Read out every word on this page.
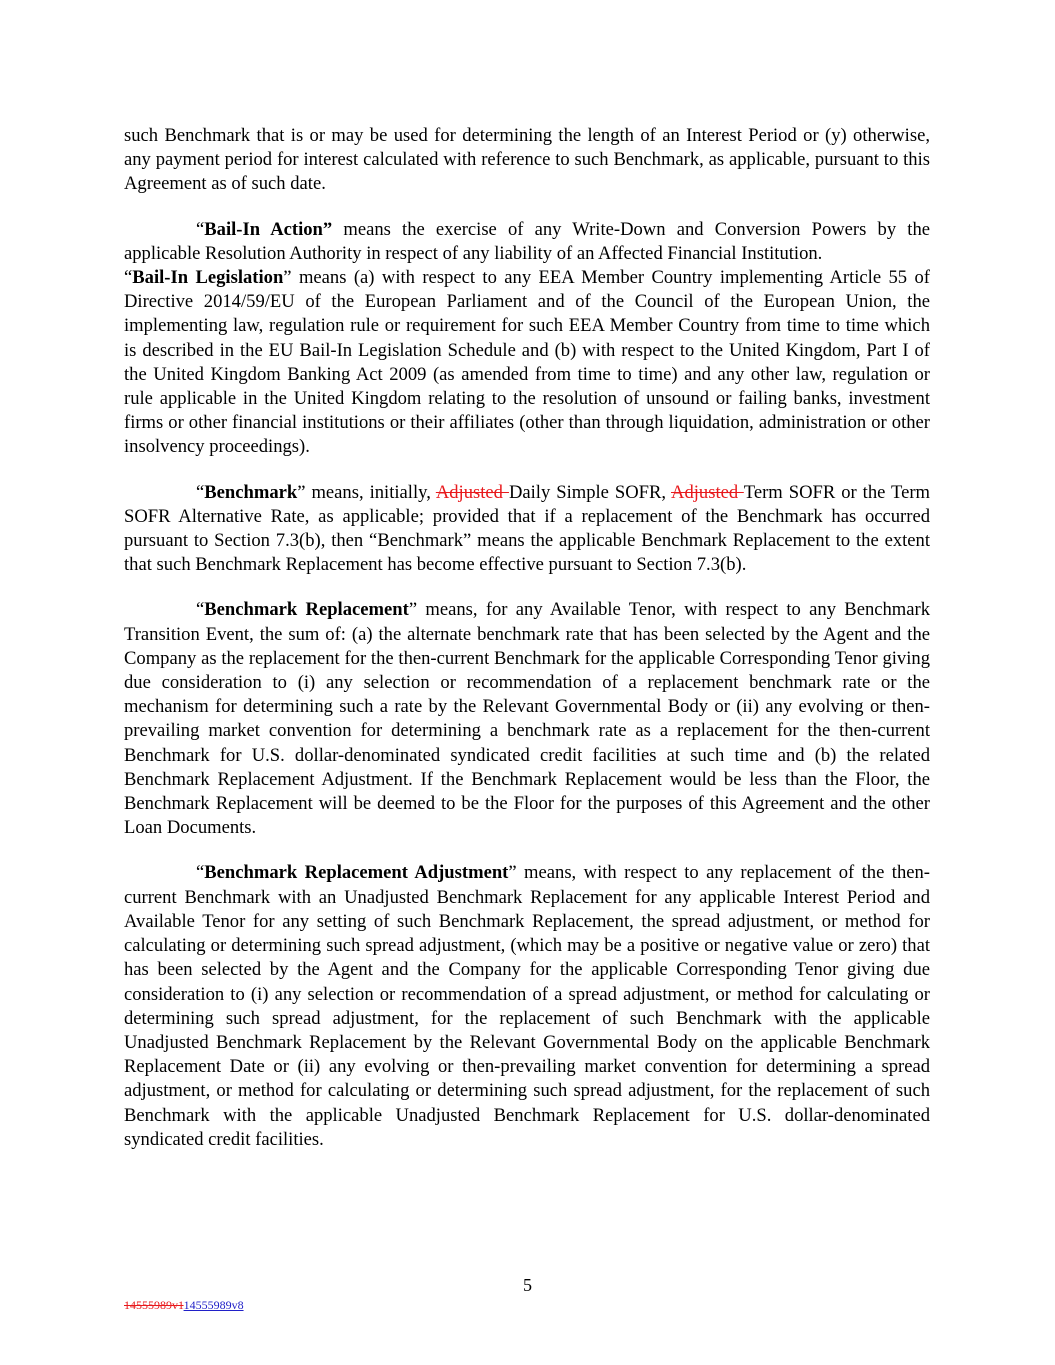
such Benchmark that is or may be used for determining the length of an Interest Period or (y) otherwise, any payment period for interest calculated with reference to such Benchmark, as applicable, pursuant to this Agreement as of such date.

“Bail-In Action” means the exercise of any Write-Down and Conversion Powers by the applicable Resolution Authority in respect of any liability of an Affected Financial Institution.
“Bail-In Legislation” means (a) with respect to any EEA Member Country implementing Article 55 of Directive 2014/59/EU of the European Parliament and of the Council of the European Union, the implementing law, regulation rule or requirement for such EEA Member Country from time to time which is described in the EU Bail-In Legislation Schedule and (b) with respect to the United Kingdom, Part I of the United Kingdom Banking Act 2009 (as amended from time to time) and any other law, regulation or rule applicable in the United Kingdom relating to the resolution of unsound or failing banks, investment firms or other financial institutions or their affiliates (other than through liquidation, administration or other insolvency proceedings).

“Benchmark” means, initially, Adjusted Daily Simple SOFR, Adjusted Term SOFR or the Term SOFR Alternative Rate, as applicable; provided that if a replacement of the Benchmark has occurred pursuant to Section 7.3(b), then “Benchmark” means the applicable Benchmark Replacement to the extent that such Benchmark Replacement has become effective pursuant to Section 7.3(b).

“Benchmark Replacement” means, for any Available Tenor, with respect to any Benchmark Transition Event, the sum of: (a) the alternate benchmark rate that has been selected by the Agent and the Company as the replacement for the then-current Benchmark for the applicable Corresponding Tenor giving due consideration to (i) any selection or recommendation of a replacement benchmark rate or the mechanism for determining such a rate by the Relevant Governmental Body or (ii) any evolving or then-prevailing market convention for determining a benchmark rate as a replacement for the then-current Benchmark for U.S. dollar-denominated syndicated credit facilities at such time and (b) the related Benchmark Replacement Adjustment. If the Benchmark Replacement would be less than the Floor, the Benchmark Replacement will be deemed to be the Floor for the purposes of this Agreement and the other Loan Documents.

“Benchmark Replacement Adjustment” means, with respect to any replacement of the then-current Benchmark with an Unadjusted Benchmark Replacement for any applicable Interest Period and Available Tenor for any setting of such Benchmark Replacement, the spread adjustment, or method for calculating or determining such spread adjustment, (which may be a positive or negative value or zero) that has been selected by the Agent and the Company for the applicable Corresponding Tenor giving due consideration to (i) any selection or recommendation of a spread adjustment, or method for calculating or determining such spread adjustment, for the replacement of such Benchmark with the applicable Unadjusted Benchmark Replacement by the Relevant Governmental Body on the applicable Benchmark Replacement Date or (ii) any evolving or then-prevailing market convention for determining a spread adjustment, or method for calculating or determining such spread adjustment, for the replacement of such Benchmark with the applicable Unadjusted Benchmark Replacement for U.S. dollar-denominated syndicated credit facilities.

5
14555989v114555989v8
